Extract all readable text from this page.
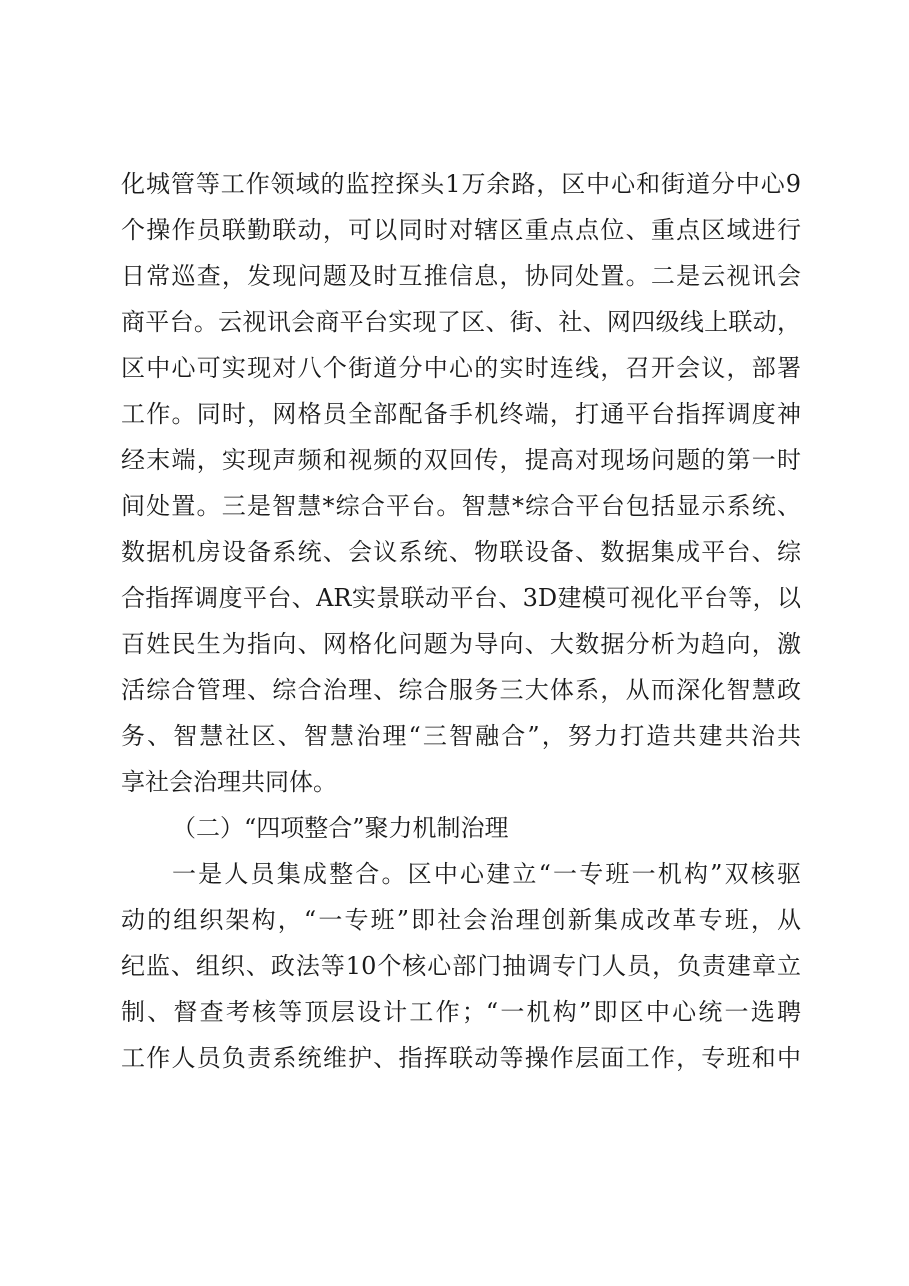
化城管等工作领域的监控探头1万余路，区中心和街道分中心9
个操作员联勤联动，可以同时对辖区重点点位、重点区域进行
日常巡查，发现问题及时互推信息，协同处置。二是云视讯会
商平台。云视讯会商平台实现了区、街、社、网四级线上联动，
区中心可实现对八个街道分中心的实时连线，召开会议，部署
工作。同时，网格员全部配备手机终端，打通平台指挥调度神
经末端，实现声频和视频的双回传，提高对现场问题的第一时
间处置。三是智慧*综合平台。智慧*综合平台包括显示系统、
数据机房设备系统、会议系统、物联设备、数据集成平台、综
合指挥调度平台、AR实景联动平台、3D建模可视化平台等，以
百姓民生为指向、网格化问题为导向、大数据分析为趋向，激
活综合管理、综合治理、综合服务三大体系，从而深化智慧政
务、智慧社区、智慧治理“三智融合”，努力打造共建共治共
享社会治理共同体。
（二）“四项整合”聚力机制治理
一是人员集成整合。区中心建立“一专班一机构”双核驱
动的组织架构，“一专班”即社会治理创新集成改革专班，从
纪监、组织、政法等10个核心部门抽调专门人员，负责建章立
制、督查考核等顶层设计工作；“一机构”即区中心统一选聘
工作人员负责系统维护、指挥联动等操作层面工作，专班和中
